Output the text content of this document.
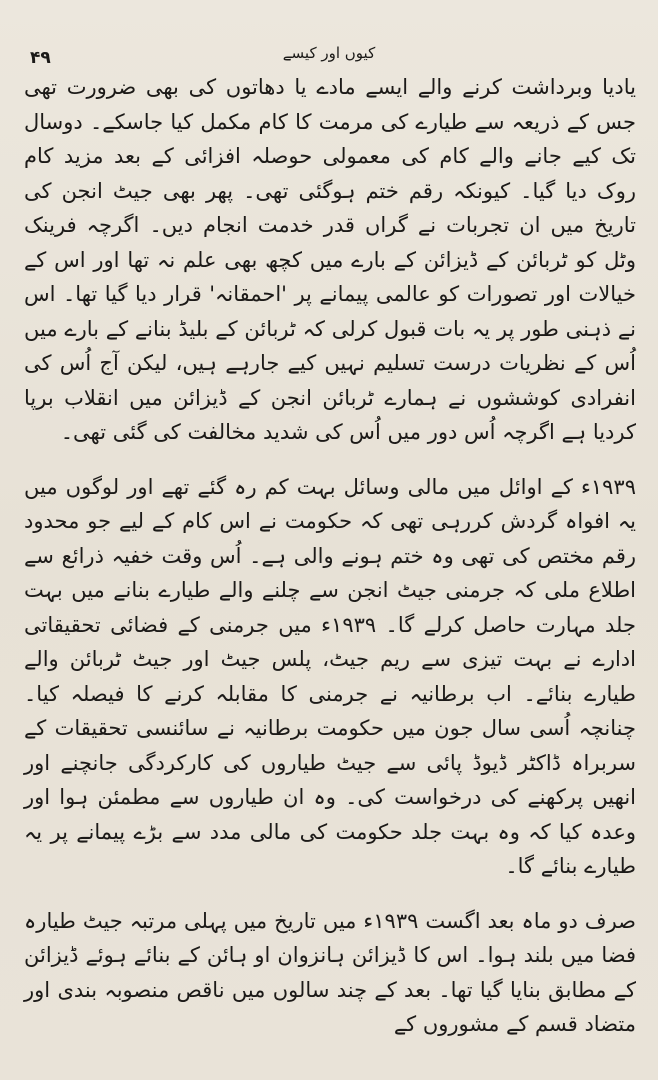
۴۹	کیوں اور کیسے

یادیا وبرداشت کرنے والے ایسے مادے یا دھاتوں کی بھی ضرورت تھی جس کے ذریعہ سے طیارے کی مرمت کا کام مکمل کیا جاسکے۔ دوسال تک کیے جانے والے کام کی معمولی حوصلہ افزائی کے بعد مزید کام روک دیا گیا۔ کیونکہ رقم ختم ہوگئی تھی۔ پھر بھی جیٹ انجن کی تاریخ میں ان تجربات نے گراں قدر خدمت انجام دیں۔ اگرچہ فرینک وٹل کو ٹربائن کے ڈیزائن کے بارے میں کچھ بھی علم نہ تھا اور اس کے خیالات اور تصورات کو عالمی پیمانے پر 'احمقانہ' قرار دیا گیا تھا۔ اس نے ذہنی طور پر یہ بات قبول کرلی کہ ٹربائن کے بلیڈ بنانے کے بارے میں اُس کے نظریات درست تسلیم نہیں کیے جارہے ہیں، لیکن آج اُس کی انفرادی کوششوں نے ہمارے ٹربائن انجن کے ڈیزائن میں انقلاب برپا کردیا ہے اگرچہ اُس دور میں اُس کی شدید مخالفت کی گئی تھی۔

۱۹۳۹ء کے اوائل میں مالی وسائل بہت کم رہ گئے تھے اور لوگوں میں یہ افواہ گردش کررہی تھی کہ حکومت نے اس کام کے لیے جو محدود رقم مختص کی تھی وہ ختم ہونے والی ہے۔ اُس وقت خفیہ ذرائع سے اطلاع ملی کہ جرمنی جیٹ انجن سے چلنے والے طیارے بنانے میں بہت جلد مہارت حاصل کرلے گا۔ ۱۹۳۹ء میں جرمنی کے فضائی تحقیقاتی ادارے نے بہت تیزی سے ریم جیٹ، پلس جیٹ اور جیٹ ٹربائن والے طیارے بنائے۔ اب برطانیہ نے جرمنی کا مقابلہ کرنے کا فیصلہ کیا۔ چنانچہ اُسی سال جون میں حکومت برطانیہ نے سائنسی تحقیقات کے سربراہ ڈاکٹر ڈیوڈ پائی سے جیٹ طیاروں کی کارکردگی جانچنے اور انھیں پرکھنے کی درخواست کی۔ وہ ان طیاروں سے مطمئن ہوا اور وعدہ کیا کہ وہ بہت جلد حکومت کی مالی مدد سے بڑے پیمانے پر یہ طیارے بنائے گا۔

صرف دو ماہ بعد اگست ۱۹۳۹ء میں تاریخ میں پہلی مرتبہ جیٹ طیارہ فضا میں بلند ہوا۔ اس کا ڈیزائن ہانزوان او ہائن کے بنائے ہوئے ڈیزائن کے مطابق بنایا گیا تھا۔ بعد کے چند سالوں میں ناقص منصوبہ بندی اور متضاد قسم کے مشوروں کے
